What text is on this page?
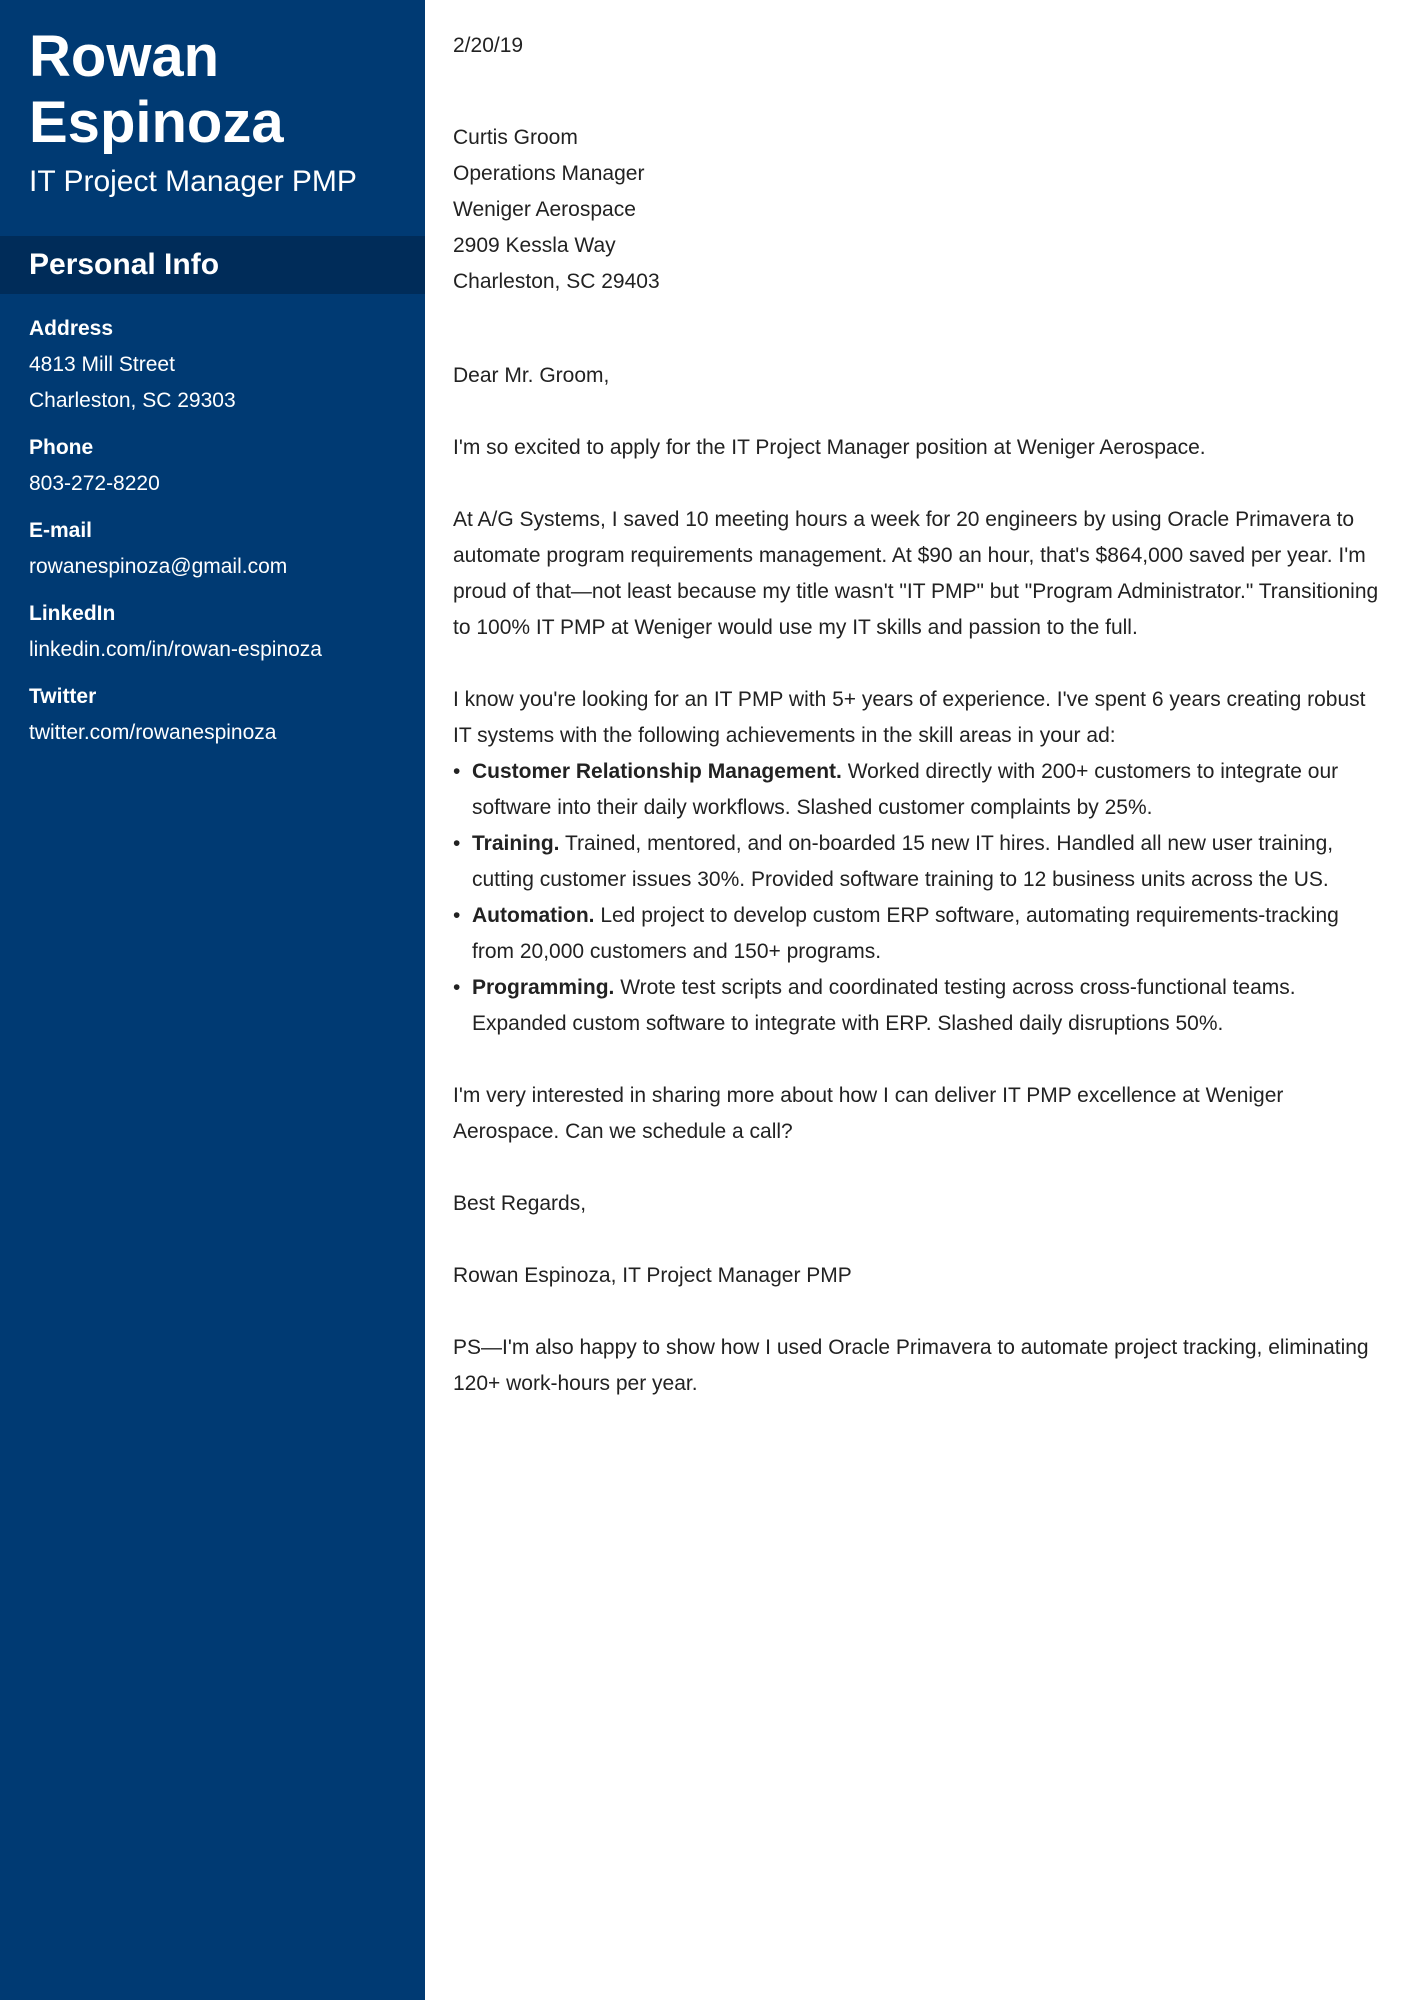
Rowan
Espinoza
IT Project Manager PMP
Personal Info
Address
4813 Mill Street
Charleston, SC 29303
Phone
803-272-8220
E-mail
rowanespinoza@gmail.com
LinkedIn
linkedin.com/in/rowan-espinoza
Twitter
twitter.com/rowanespinoza

2/20/19

Curtis Groom
Operations Manager
Weniger Aerospace
2909 Kessla Way
Charleston, SC 29403

Dear Mr. Groom,

I'm so excited to apply for the IT Project Manager position at Weniger Aerospace.

At A/G Systems, I saved 10 meeting hours a week for 20 engineers by using Oracle Primavera to automate program requirements management. At $90 an hour, that's $864,000 saved per year. I'm proud of that—not least because my title wasn't "IT PMP" but "Program Administrator." Transitioning to 100% IT PMP at Weniger would use my IT skills and passion to the full.

I know you're looking for an IT PMP with 5+ years of experience. I've spent 6 years creating robust IT systems with the following achievements in the skill areas in your ad:

• Customer Relationship Management. Worked directly with 200+ customers to integrate our software into their daily workflows. Slashed customer complaints by 25%.
• Training. Trained, mentored, and on-boarded 15 new IT hires. Handled all new user training, cutting customer issues 30%. Provided software training to 12 business units across the US.
• Automation. Led project to develop custom ERP software, automating requirements-tracking from 20,000 customers and 150+ programs.
• Programming. Wrote test scripts and coordinated testing across cross-functional teams. Expanded custom software to integrate with ERP. Slashed daily disruptions 50%.

I'm very interested in sharing more about how I can deliver IT PMP excellence at Weniger Aerospace. Can we schedule a call?

Best Regards,

Rowan Espinoza, IT Project Manager PMP

PS—I'm also happy to show how I used Oracle Primavera to automate project tracking, eliminating 120+ work-hours per year.
